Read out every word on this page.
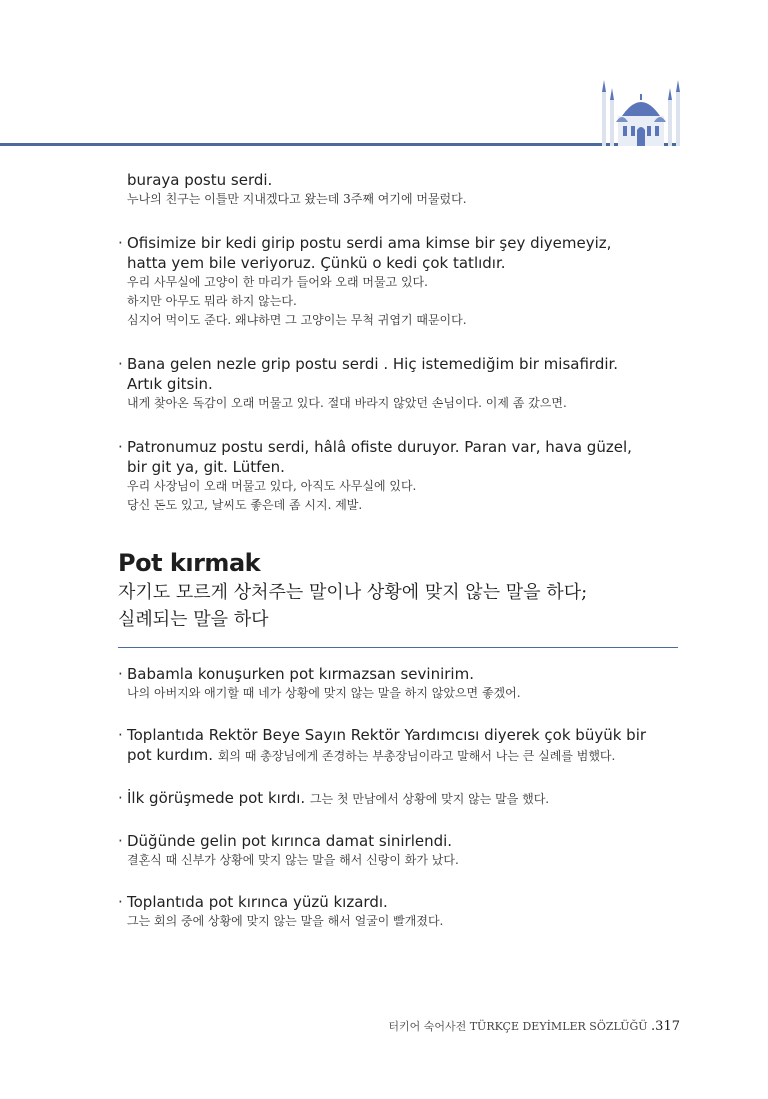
buraya postu serdi.
누나의 친구는 이틀만 지내겠다고 왔는데 3주째 여기에 머물렀다.
· Ofisimize bir kedi girip postu serdi ama kimse bir şey diyemeyiz,
hatta yem bile veriyoruz. Çünkü o kedi çok tatlıdır.
우리 사무실에 고양이 한 마리가 들어와 오래 머물고 있다.
하지만 아무도 뭐라 하지 않는다.
심지어 먹이도 준다. 왜냐하면 그 고양이는 무척 귀엽기 때문이다.
· Bana gelen nezle grip postu serdi . Hiç istemediğim bir misafirdir.
Artık gitsin.
내게 찾아온 독감이 오래 머물고 있다. 절대 바라지 않았던 손님이다. 이제 좀 갔으면.
· Patronumuz postu serdi, hâlâ ofiste duruyor. Paran var, hava güzel,
bir git ya, git. Lütfen.
우리 사장님이 오래 머물고 있다, 아직도 사무실에 있다.
당신 돈도 있고, 날씨도 좋은데 좀 시지. 제발.
Pot kırmak
자기도 모르게 상처주는 말이나 상황에 맞지 않는 말을 하다;
실례되는 말을 하다
· Babamla konuşurken pot kırmazsan sevinirim.
나의 아버지와 애기할 때 네가 상황에 맞지 않는 말을 하지 않았으면 좋겠어.
· Toplantıda Rektör Beye Sayın Rektör Yardımcısı diyerek çok büyük bir
pot kurdım. 회의 때 총장님에게 존경하는 부총장님이라고 말해서 나는 큰 실례를 범했다.
· İlk görüşmede pot kırdı. 그는 첫 만남에서 상황에 맞지 않는 말을 했다.
· Düğünde gelin pot kırınca damat sinirlendi.
결혼식 때 신부가 상황에 맞지 않는 말을 해서 신랑이 화가 났다.
· Toplantıda pot kırınca yüzü kızardı.
그는 회의 중에 상황에 맞지 않는 말을 해서 얼굴이 빨개졌다.
터키어 숙어사전 TÜRKÇE DEYİMLER SÖZLÜĞÜ .317
